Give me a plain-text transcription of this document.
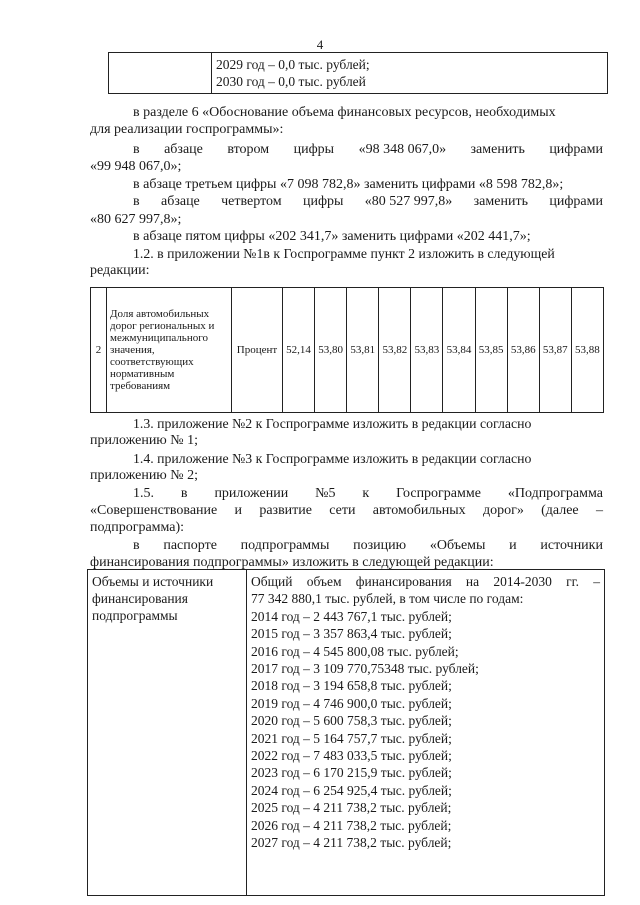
4

2029 год – 0,0 тыс. рублей;
2030 год – 0,0 тыс. рублей
в разделе 6 «Обоснование объема финансовых ресурсов, необходимых
для реализации госпрограммы»:
в абзаце втором цифры «98 348 067,0» заменить цифрами
«99 948 067,0»;
в абзаце третьем цифры «7 098 782,8» заменить цифрами «8 598 782,8»;
в абзаце четвертом цифры «80 527 997,8» заменить цифрами
«80 627 997,8»;
в абзаце пятом цифры «202 341,7» заменить цифрами «202 441,7»;
1.2. в приложении №1в к Госпрограмме пункт 2 изложить в следующей
редакции:
2	Доля автомобильных дорог региональных и межмуниципального значения, соответствующих нормативным требованиям	Процент	52,14	53,80	53,81	53,82	53,83	53,84	53,85	53,86	53,87	53,88
1.3. приложение №2 к Госпрограмме изложить в редакции согласно
приложению № 1;
1.4. приложение №3 к Госпрограмме изложить в редакции согласно
приложению № 2;
1.5. в приложении №5 к Госпрограмме «Подпрограмма
«Совершенствование и развитие сети автомобильных дорог» (далее –
подпрограмма):
в паспорте подпрограммы позицию «Объемы и источники
финансирования подпрограммы» изложить в следующей редакции:
Объемы и источники финансирования подпрограммы	
Общий объем финансирования на 2014-2030 гг. –
77 342 880,1 тыс. рублей, в том числе по годам:
2014 год – 2 443 767,1 тыс. рублей;
2015 год – 3 357 863,4 тыс. рублей;
2016 год – 4 545 800,08 тыс. рублей;
2017 год – 3 109 770,75348 тыс. рублей;
2018 год – 3 194 658,8 тыс. рублей;
2019 год – 4 746 900,0 тыс. рублей;
2020 год – 5 600 758,3 тыс. рублей;
2021 год – 5 164 757,7 тыс. рублей;
2022 год – 7 483 033,5 тыс. рублей;
2023 год – 6 170 215,9 тыс. рублей;
2024 год – 6 254 925,4 тыс. рублей;
2025 год – 4 211 738,2 тыс. рублей;
2026 год – 4 211 738,2 тыс. рублей;
2027 год – 4 211 738,2 тыс. рублей;
